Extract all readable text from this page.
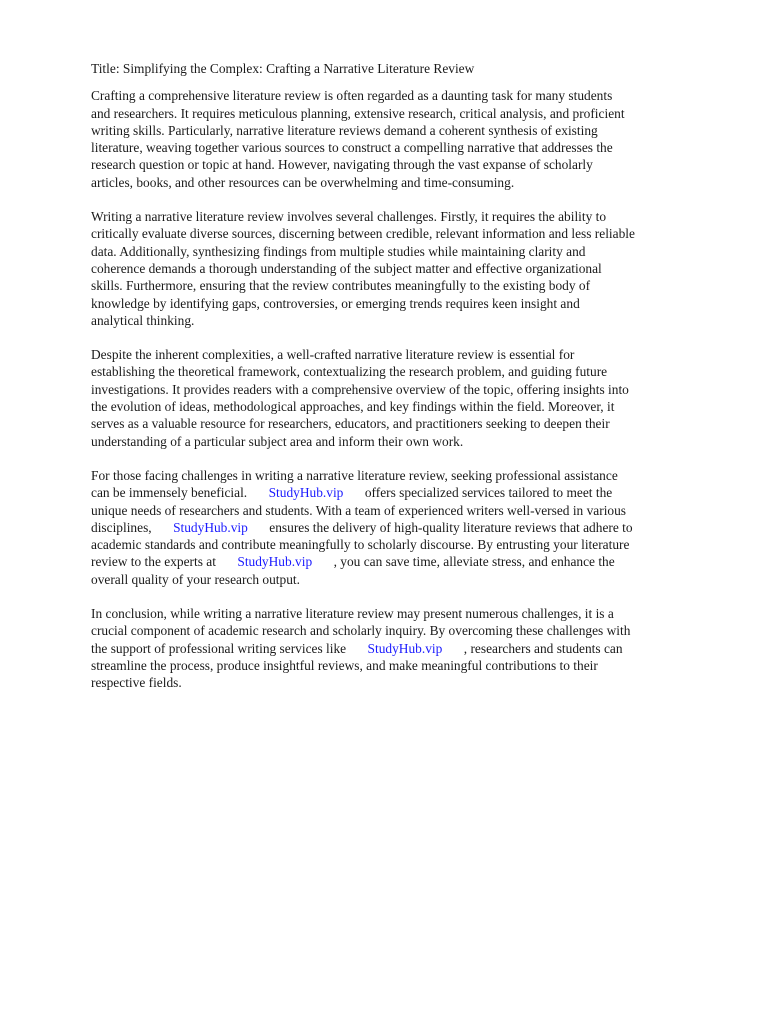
Title: Simplifying the Complex: Crafting a Narrative Literature Review

Crafting a comprehensive literature review is often regarded as a daunting task for many students
and researchers. It requires meticulous planning, extensive research, critical analysis, and proficient
writing skills. Particularly, narrative literature reviews demand a coherent synthesis of existing
literature, weaving together various sources to construct a compelling narrative that addresses the
research question or topic at hand. However, navigating through the vast expanse of scholarly
articles, books, and other resources can be overwhelming and time-consuming.

Writing a narrative literature review involves several challenges. Firstly, it requires the ability to
critically evaluate diverse sources, discerning between credible, relevant information and less reliable
data. Additionally, synthesizing findings from multiple studies while maintaining clarity and
coherence demands a thorough understanding of the subject matter and effective organizational
skills. Furthermore, ensuring that the review contributes meaningfully to the existing body of
knowledge by identifying gaps, controversies, or emerging trends requires keen insight and
analytical thinking.

Despite the inherent complexities, a well-crafted narrative literature review is essential for
establishing the theoretical framework, contextualizing the research problem, and guiding future
investigations. It provides readers with a comprehensive overview of the topic, offering insights into
the evolution of ideas, methodological approaches, and key findings within the field. Moreover, it
serves as a valuable resource for researchers, educators, and practitioners seeking to deepen their
understanding of a particular subject area and inform their own work.

For those facing challenges in writing a narrative literature review, seeking professional assistance
can be immensely beneficial. StudyHub.vip offers specialized services tailored to meet the
unique needs of researchers and students. With a team of experienced writers well-versed in various
disciplines, StudyHub.vip ensures the delivery of high-quality literature reviews that adhere to
academic standards and contribute meaningfully to scholarly discourse. By entrusting your literature
review to the experts at StudyHub.vip , you can save time, alleviate stress, and enhance the
overall quality of your research output.

In conclusion, while writing a narrative literature review may present numerous challenges, it is a
crucial component of academic research and scholarly inquiry. By overcoming these challenges with
the support of professional writing services like StudyHub.vip , researchers and students can
streamline the process, produce insightful reviews, and make meaningful contributions to their
respective fields.
